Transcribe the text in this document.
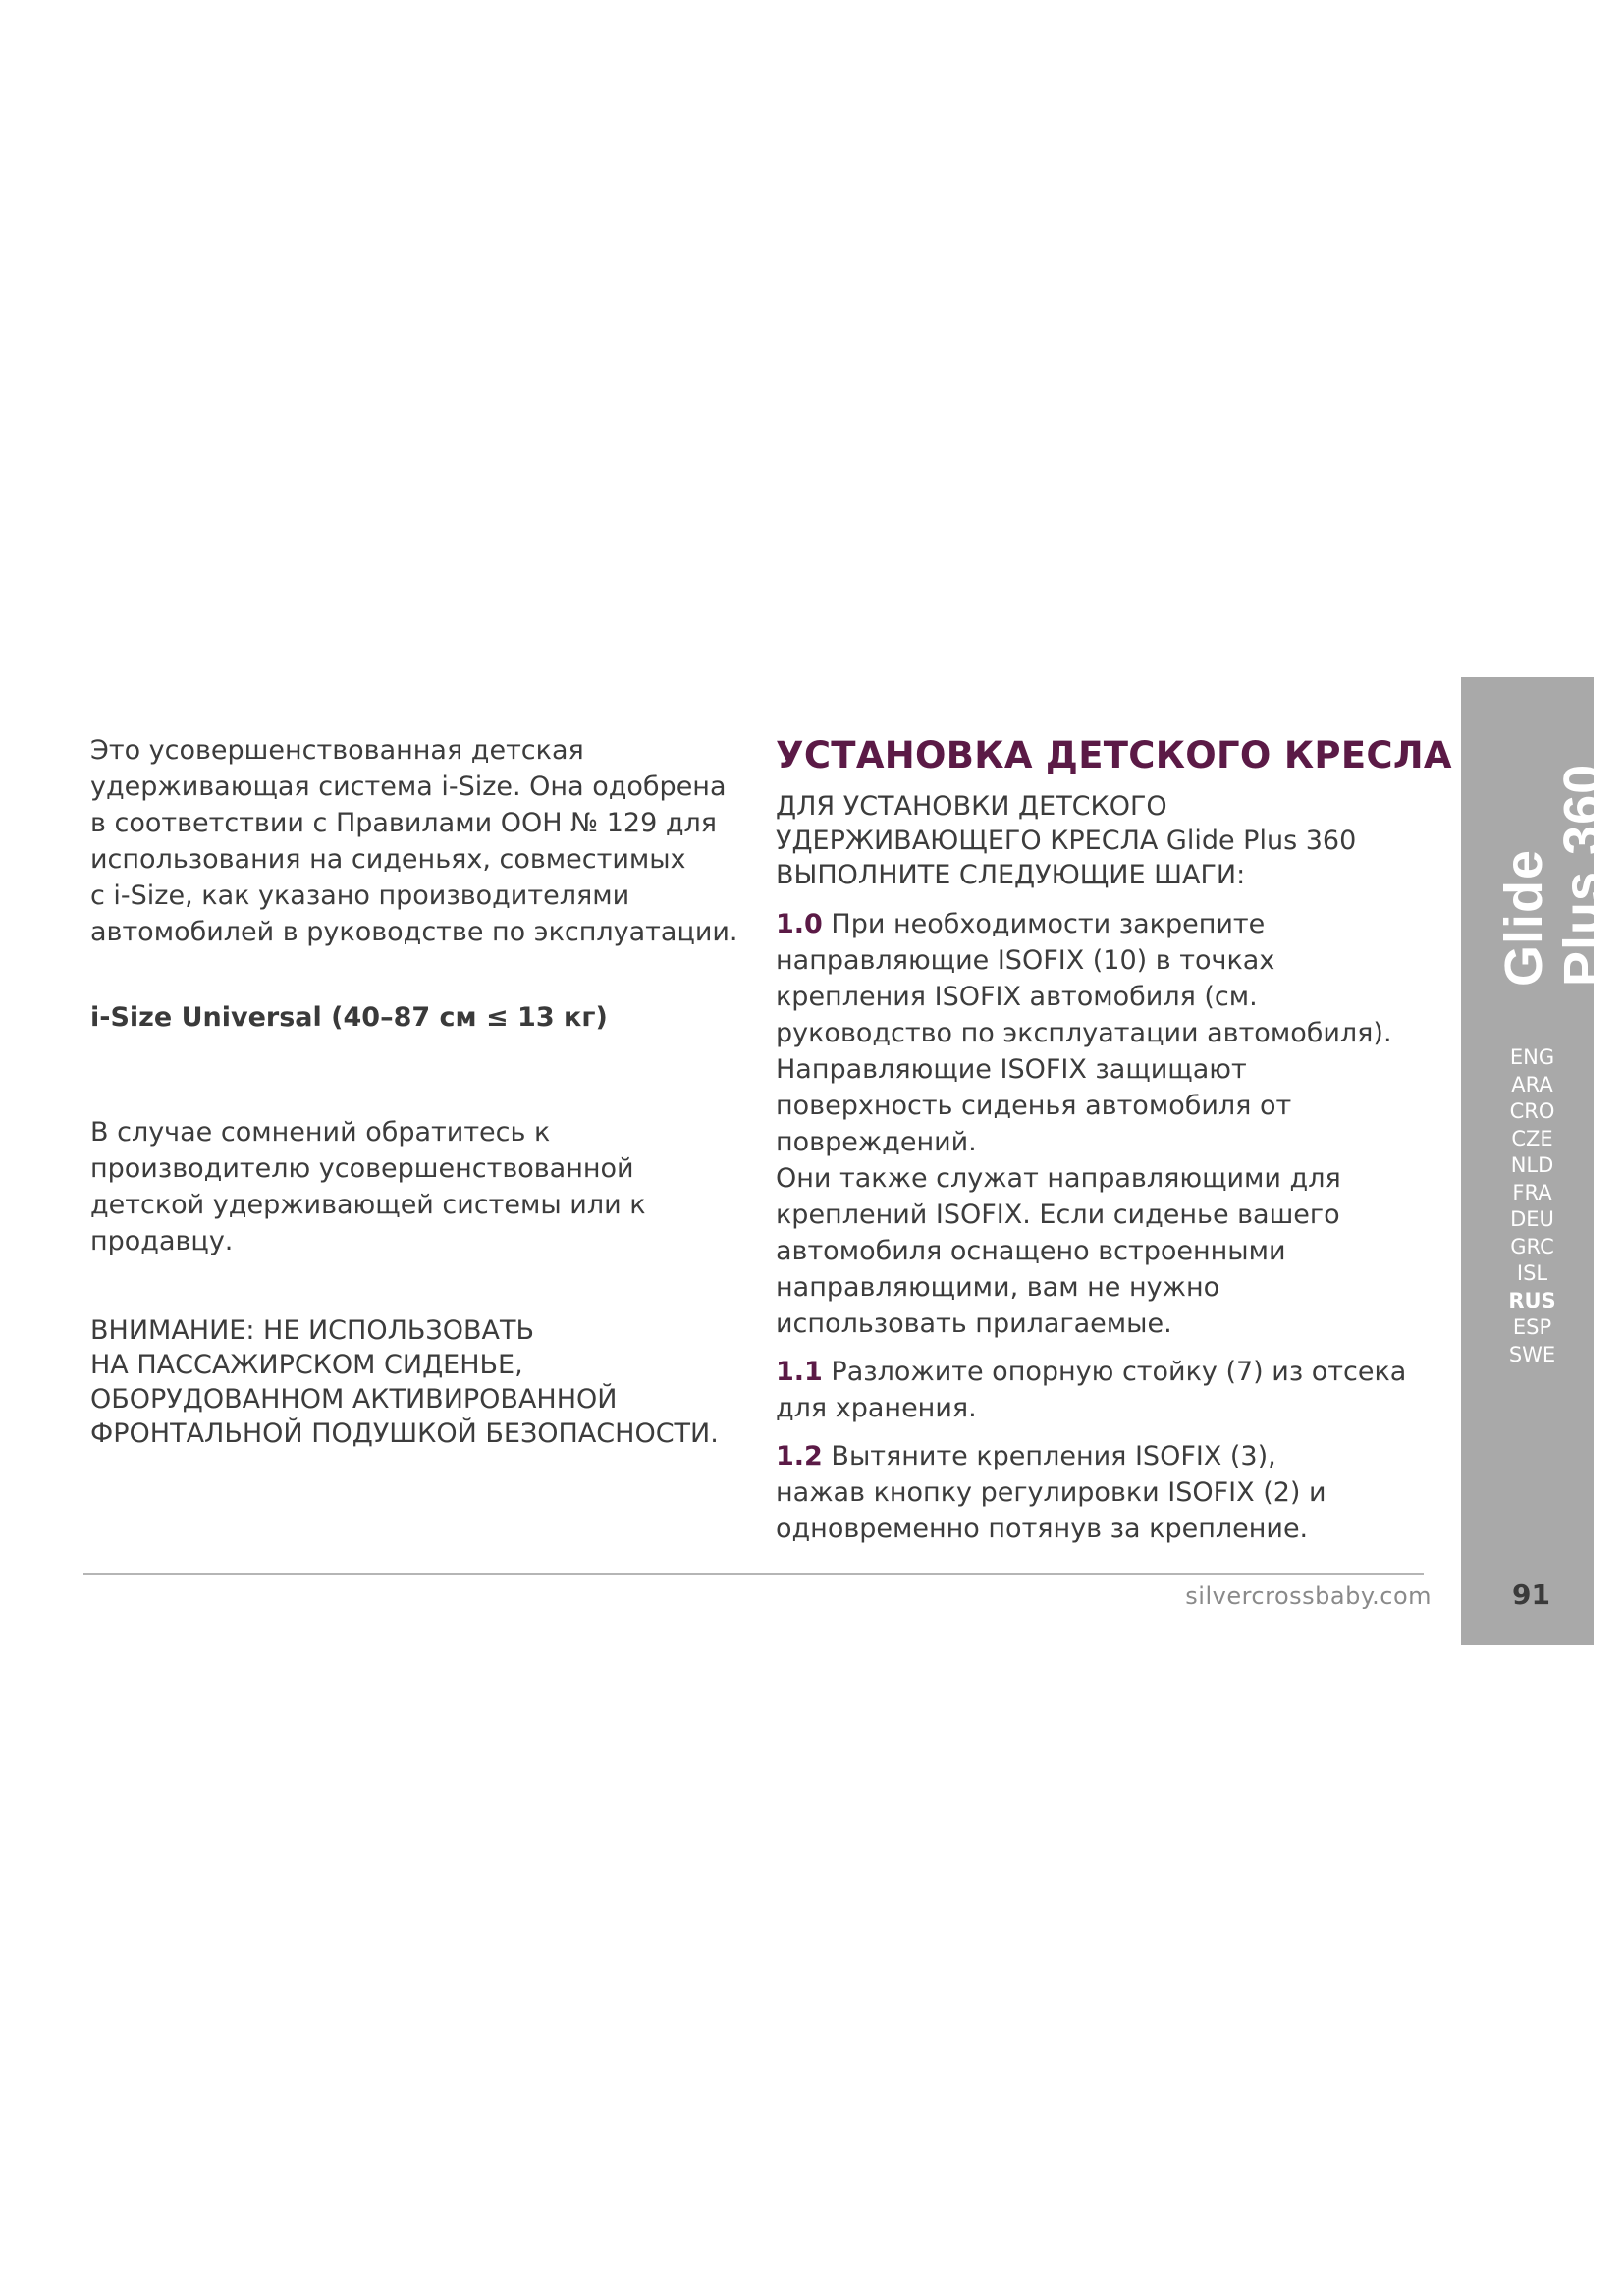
Это усовершенствованная детская
удерживающая система i-Size. Она одобрена
в соответствии с Правилами ООН № 129 для
использования на сиденьях, совместимых
с i-Size, как указано производителями
автомобилей в руководстве по эксплуатации.

i-Size Universal (40–87 см ≤ 13 кг)

В случае сомнений обратитесь к
производителю усовершенствованной
детской удерживающей системы или к
продавцу.

ВНИМАНИЕ: НЕ ИСПОЛЬЗОВАТЬ
НА ПАССАЖИРСКОМ СИДЕНЬЕ,
ОБОРУДОВАННОМ АКТИВИРОВАННОЙ
ФРОНТАЛЬНОЙ ПОДУШКОЙ БЕЗОПАСНОСТИ.

УСТАНОВКА ДЕТСКОГО КРЕСЛА

ДЛЯ УСТАНОВКИ ДЕТСКОГО
УДЕРЖИВАЮЩЕГО КРЕСЛА Glide Plus 360
ВЫПОЛНИТЕ СЛЕДУЮЩИЕ ШАГИ:

1.0 При необходимости закрепите
направляющие ISOFIX (10) в точках
крепления ISOFIX автомобиля (см.
руководство по эксплуатации автомобиля).
Направляющие ISOFIX защищают
поверхность сиденья автомобиля от
повреждений.
Они также служат направляющими для
креплений ISOFIX. Если сиденье вашего
автомобиля оснащено встроенными
направляющими, вам не нужно
использовать прилагаемые.

1.1 Разложите опорную стойку (7) из отсека
для хранения.

1.2 Вытяните крепления ISOFIX (3),
нажав кнопку регулировки ISOFIX (2) и
одновременно потянув за крепление.

silvercrossbaby.com
Glide Plus 360
ENG
ARA
CRO
CZE
NLD
FRA
DEU
GRC
ISL
RUS
ESP
SWE
91
